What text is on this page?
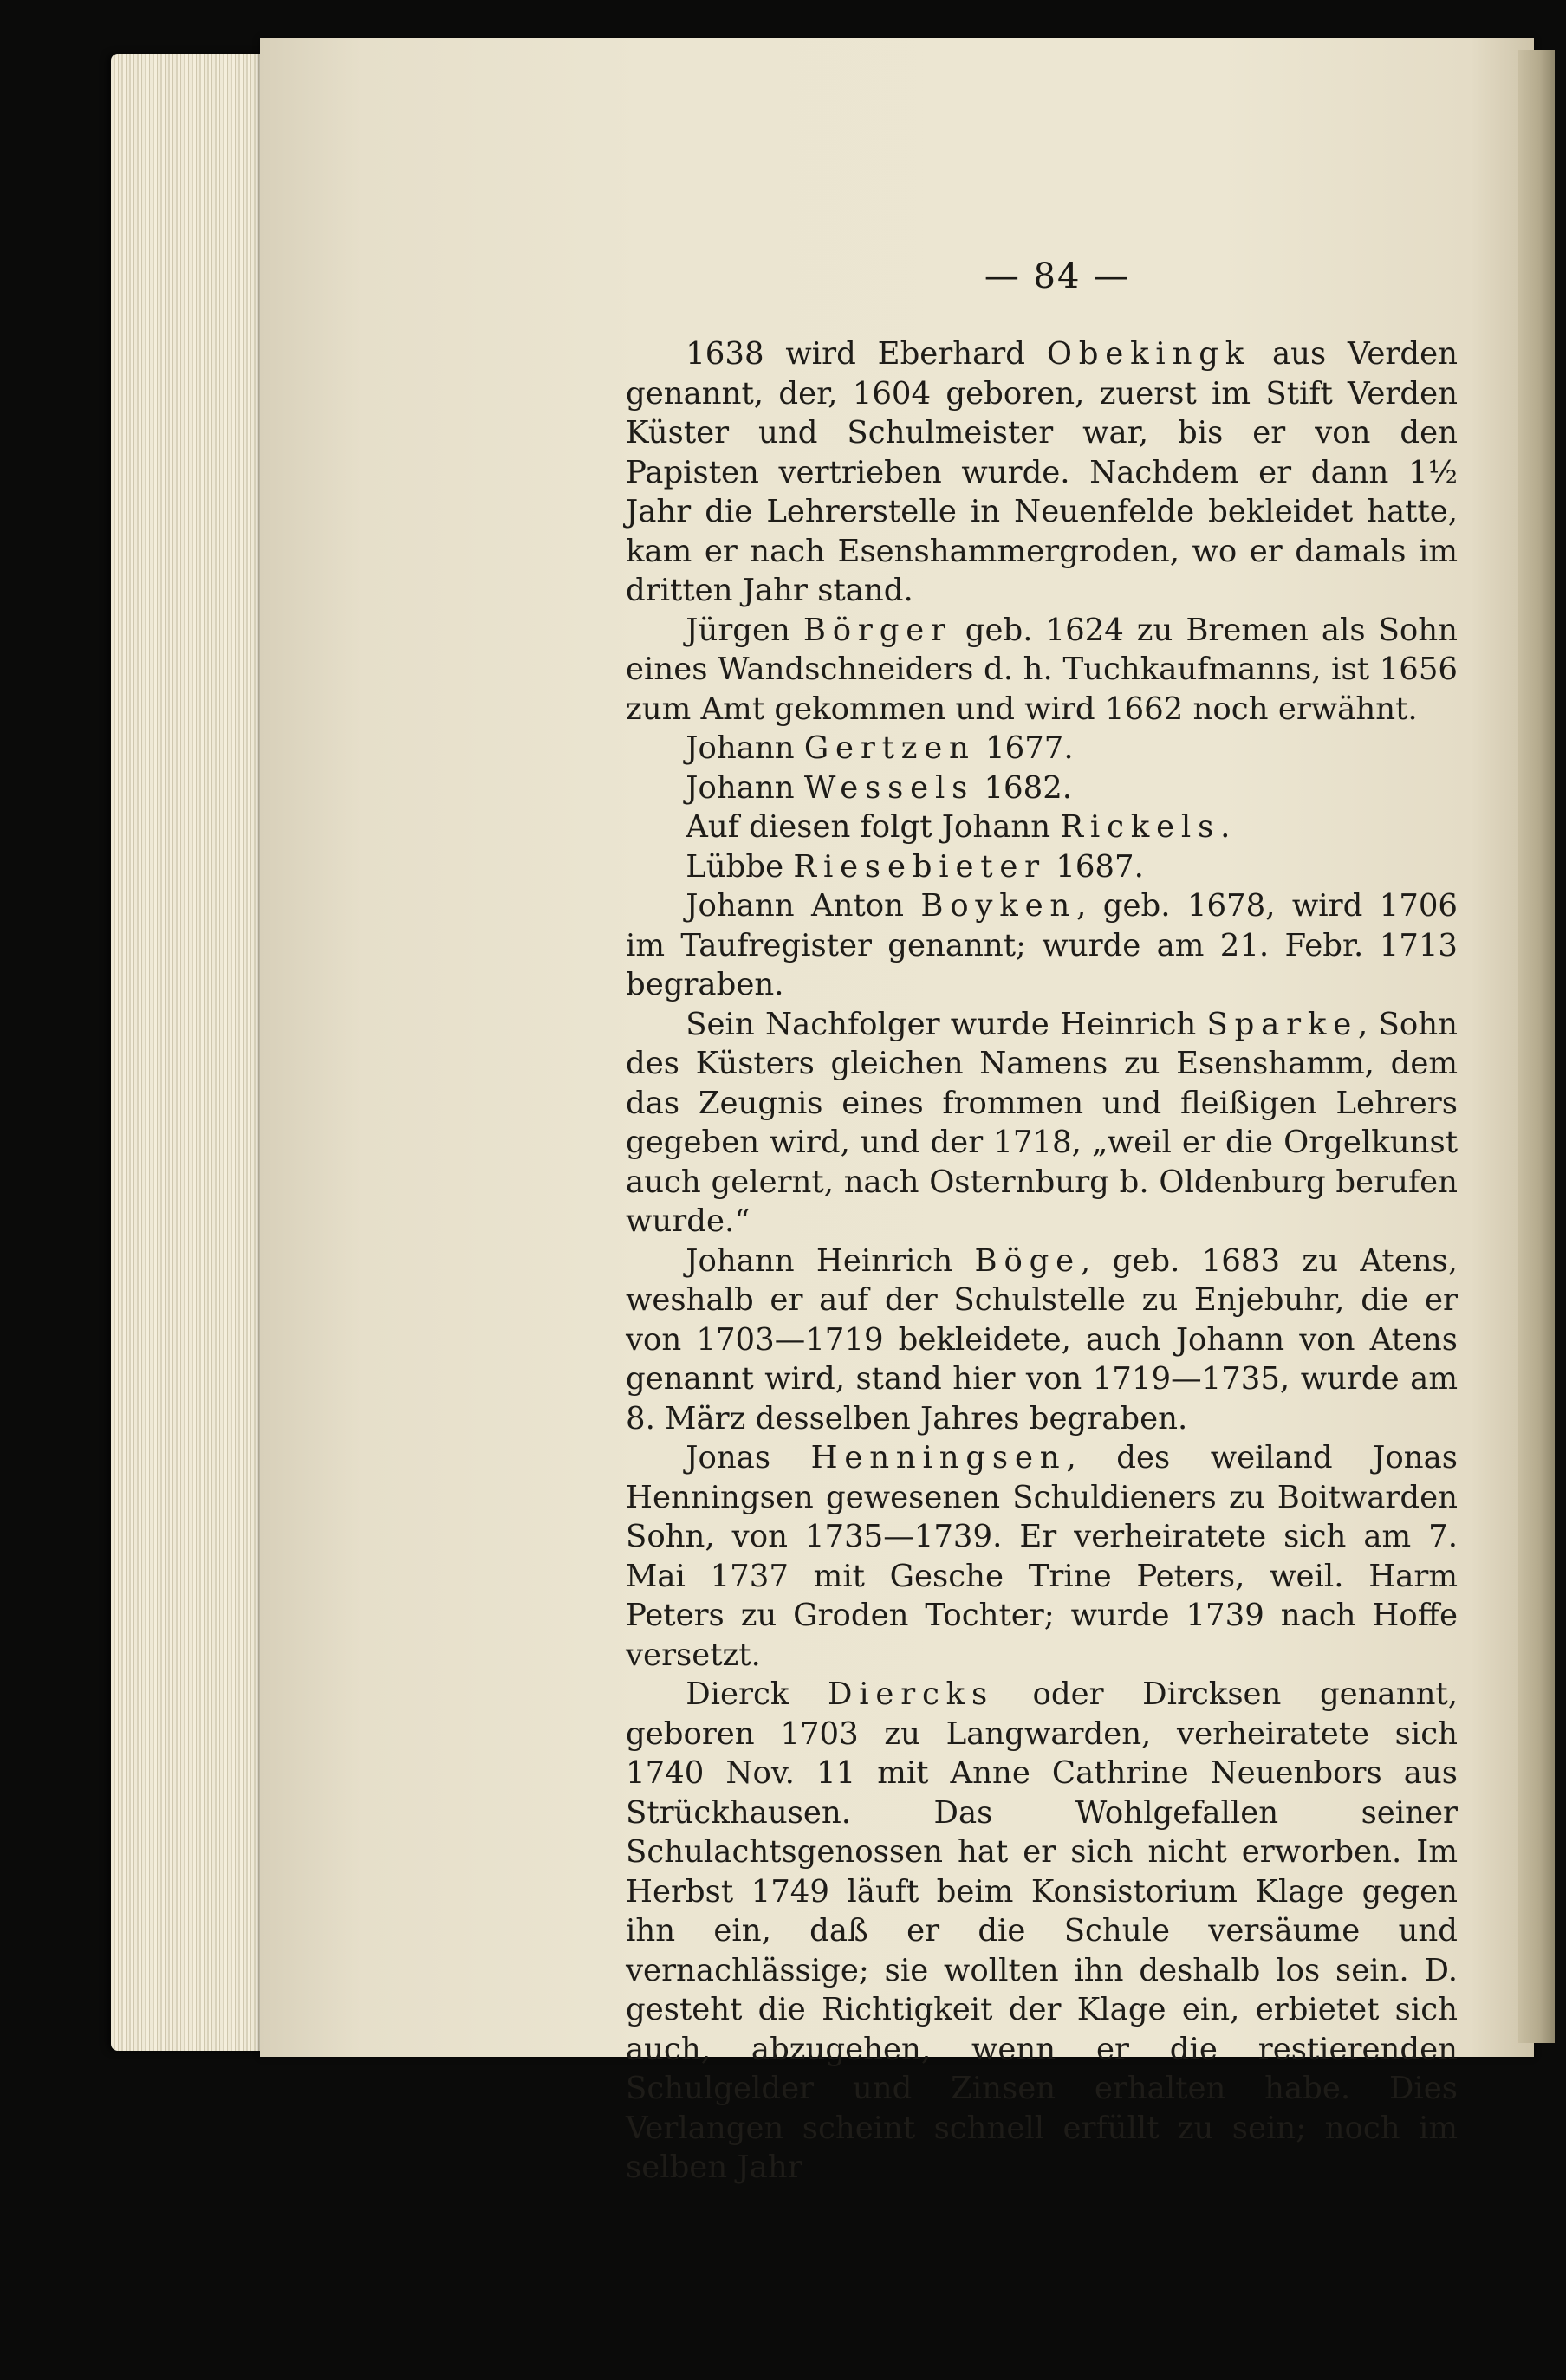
— 84 —

1638 wird Eberhard Obekingk aus Verden genannt, der, 1604 geboren, zuerst im Stift Verden Küster und Schulmeister war, bis er von den Papisten vertrieben wurde. Nachdem er dann 1½ Jahr die Lehrerstelle in Neuenfelde bekleidet hatte, kam er nach Esenshammergroden, wo er damals im dritten Jahr stand.

Jürgen Börger geb. 1624 zu Bremen als Sohn eines Wandschneiders d. h. Tuchkaufmanns, ist 1656 zum Amt gekommen und wird 1662 noch erwähnt.

Johann Gertzen 1677.

Johann Wessels 1682.

Auf diesen folgt Johann Rickels.

Lübbe Riesebieter 1687.

Johann Anton Boyken, geb. 1678, wird 1706 im Taufregister genannt; wurde am 21. Febr. 1713 begraben.

Sein Nachfolger wurde Heinrich Sparke, Sohn des Küsters gleichen Namens zu Esenshamm, dem das Zeugnis eines frommen und fleißigen Lehrers gegeben wird, und der 1718, „weil er die Orgelkunst auch gelernt, nach Osternburg b. Oldenburg berufen wurde.“

Johann Heinrich Böge, geb. 1683 zu Atens, weshalb er auf der Schulstelle zu Enjebuhr, die er von 1703—1719 bekleidete, auch Johann von Atens genannt wird, stand hier von 1719—1735, wurde am 8. März desselben Jahres begraben.

Jonas Henningsen, des weiland Jonas Henningsen gewesenen Schuldieners zu Boitwarden Sohn, von 1735—1739. Er verheiratete sich am 7. Mai 1737 mit Gesche Trine Peters, weil. Harm Peters zu Groden Tochter; wurde 1739 nach Hoffe versetzt.

Dierck Diercks oder Dircksen genannt, geboren 1703 zu Langwarden, verheiratete sich 1740 Nov. 11 mit Anne Cathrine Neuenbors aus Strückhausen. Das Wohlgefallen seiner Schulachtsgenossen hat er sich nicht erworben. Im Herbst 1749 läuft beim Konsistorium Klage gegen ihn ein, daß er die Schule versäume und vernachlässige; sie wollten ihn deshalb los sein. D. gesteht die Richtigkeit der Klage ein, erbietet sich auch, abzugehen, wenn er die restierenden Schulgelder und Zinsen erhalten habe. Dies Verlangen scheint schnell erfüllt zu sein; noch im selben Jahr
